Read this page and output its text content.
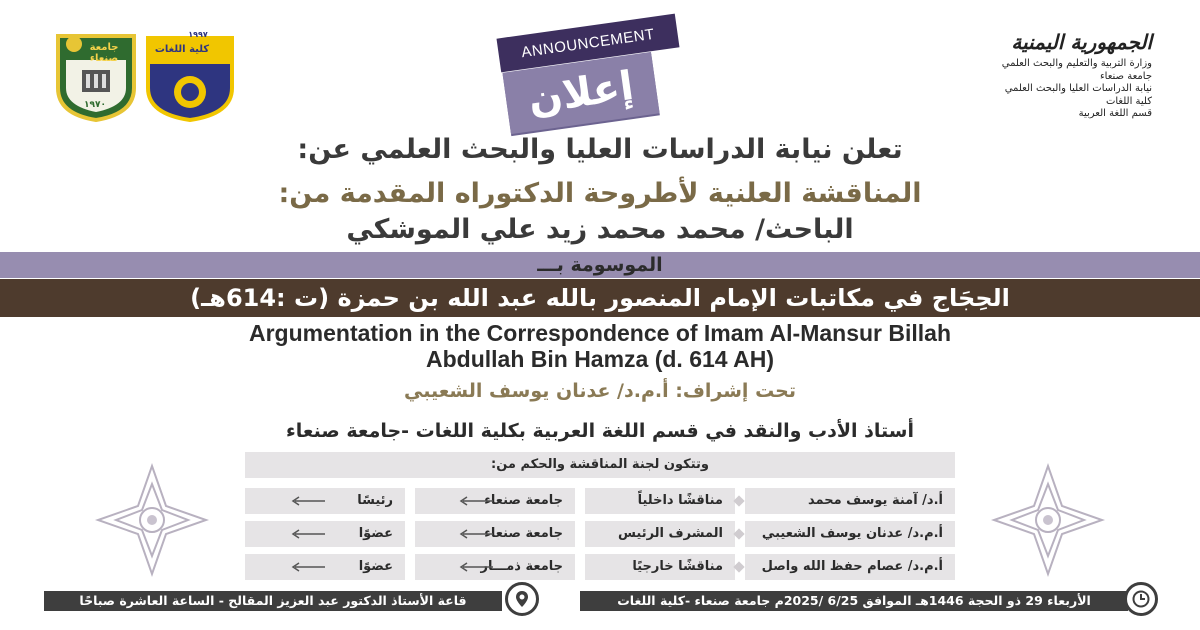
جامعة صنعاء
١٩٧٠
كلية اللغات
١٩٩٧	ANNOUNCEMENT
إعلان
الجمهورية اليمنية
وزارة التربية والتعليم والبحث العلمي
جامعة صنعاء
نيابة الدراسات العليا والبحث العلمي
كلية اللغات
قسم اللغة العربية
تعلن نيابة الدراسات العليا والبحث العلمي عن:
المناقشة العلنية لأطروحة الدكتوراه المقدمة من:
الباحث/ محمد محمد زيد علي الموشكي
الموسومة بـــ
الحِجَاج في مكاتبات الإمام المنصور بالله عبد الله بن حمزة (ت :614هـ)
Argumentation in the Correspondence of Imam Al-Mansur Billah
Abdullah Bin Hamza (d. 614 AH)
تحت إشراف: أ.م.د/ عدنان يوسف الشعيبي
أستاذ الأدب والنقد في قسم اللغة العربية بكلية اللغات -جامعة صنعاء
وتتكون لجنة المناقشة والحكم من:
أ.د/ آمنة يوسف محمد
مناقشًا داخلياً
جامعة صنعاء
رئيسًا
أ.م.د/ عدنان يوسف الشعيبي
المشرف الرئيس
جامعة صنعاء
عضوًا
أ.م.د/ عصام حفظ الله واصل
مناقشًا خارجيًا
جامعة ذمـــار
عضوًا
قاعة الأستاذ الدكتور عبد العزيز المقالح - الساعة العاشرة صباحًا	الأربعاء 29 ذو الحجة 1446هـ الموافق 6/25 /2025م جامعة صنعاء -كلية اللغات
